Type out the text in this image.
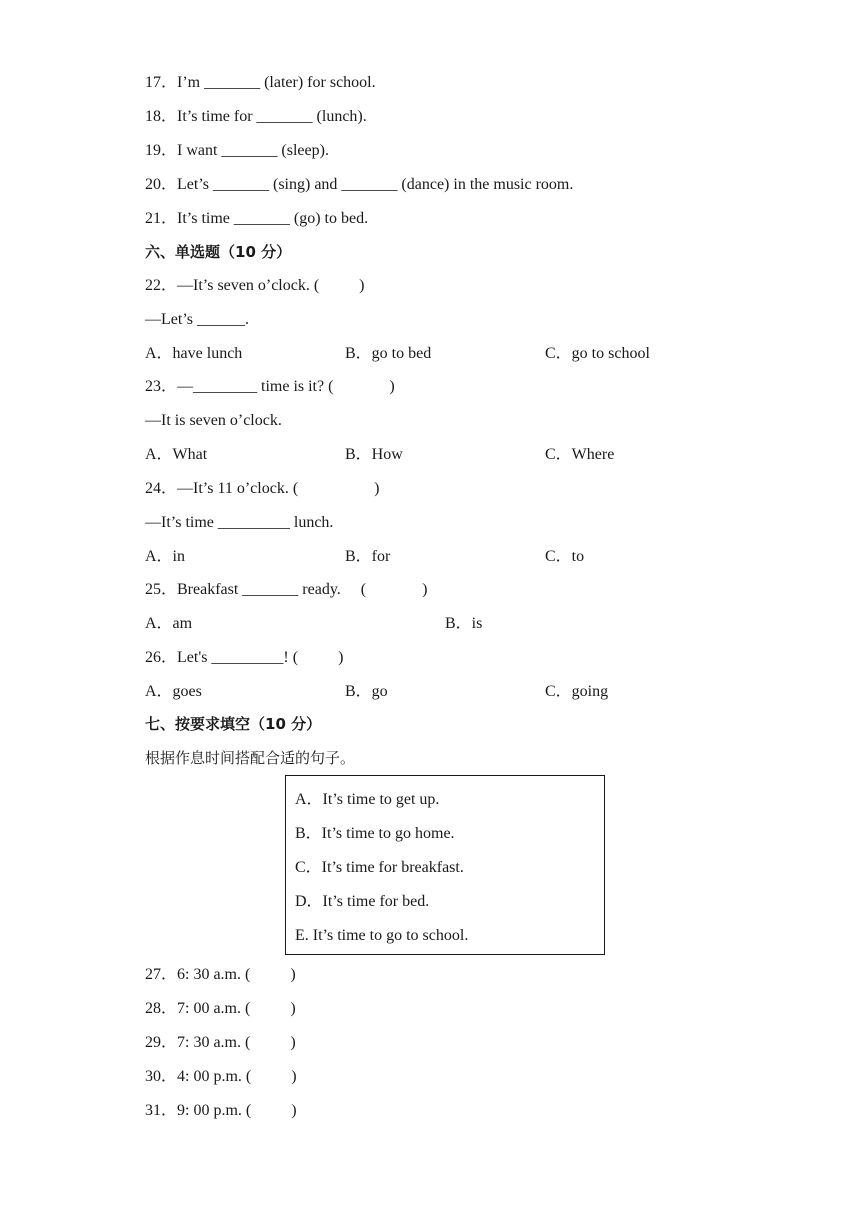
17．I’m _______ (later) for school.
18．It’s time for _______ (lunch).
19．I want _______ (sleep).
20．Let’s _______ (sing) and _______ (dance) in the music room.
21．It’s time _______ (go) to bed.
六、单选题（10 分）
22．—It’s seven o’clock. (          )
—Let’s ______.
A．have lunch	B．go to bed	C．go to school
23．—________ time is it? (              )
—It is seven o’clock.
A．What	B．How	C．Where
24．—It’s 11 o’clock. (                   )
—It’s time _________ lunch.
A．in	B．for	C．to
25．Breakfast _______ ready.     (              )
A．am	B．is
26．Let's _________! (          )
A．goes	B．go	C．going
七、按要求填空（10 分）
根据作息时间搭配合适的句子。
A．It’s time to get up.
B．It’s time to go home.
C．It’s time for breakfast.
D．It’s time for bed.
E. It’s time to go to school.
27．6: 30 a.m. (          )
28．7: 00 a.m. (          )
29．7: 30 a.m. (          )
30．4: 00 p.m. (          )
31．9: 00 p.m. (          )
